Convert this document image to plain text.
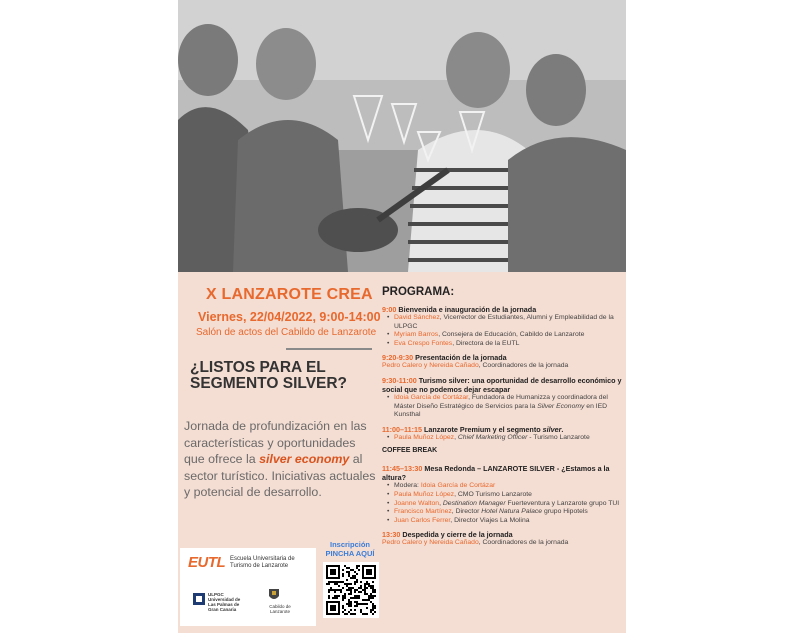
X LANZAROTE CREA
Viernes, 22/04/2022, 9:00-14:00
Salón de actos del Cabildo de Lanzarote
¿LISTOS PARA EL SEGMENTO SILVER?
Jornada de profundización en las características y oportunidades que ofrece la silver economy al sector turístico. Iniciativas actuales y potencial de desarrollo.
EUTL Escuela Universitaria de Turismo de Lanzarote
ULPGC Universidad de Las Palmas de Gran Canaria
Cabildo de Lanzarote
Inscripción
PINCHA AQUÍ
PROGRAMA:
9:00 Bienvenida e inauguración de la jornada
• David Sánchez, Vicerrector de Estudiantes, Alumni y Empleabilidad de la ULPGC
• Myriam Barros, Consejera de Educación, Cabildo de Lanzarote
• Eva Crespo Fontes, Directora de la EUTL
9:20-9:30 Presentación de la jornada
Pedro Calero y Nereida Cañado, Coordinadores de la jornada
9:30-11:00 Turismo silver: una oportunidad de desarrollo económico y social que no podemos dejar escapar
• Idoia García de Cortázar, Fundadora de Humanizza y coordinadora del Máster Diseño Estratégico de Servicios para la Silver Economy en IED Kunsthal
11:00–11:15 Lanzarote Premium y el segmento silver.
• Paula Muñoz López, Chief Marketing Officer - Turismo Lanzarote
COFFEE BREAK
11:45–13:30 Mesa Redonda – LANZAROTE SILVER - ¿Estamos a la altura?
• Modera: Idoia García de Cortázar
• Paula Muñoz López, CMO Turismo Lanzarote
• Joanne Walton, Destination Manager Fuerteventura y Lanzarote grupo TUI
• Francisco Martínez, Director Hotel Natura Palace grupo Hipotels
• Juan Carlos Ferrer, Director Viajes La Molina
13:30 Despedida y cierre de la jornada
Pedro Calero y Nereida Cañado, Coordinadores de la jornada
